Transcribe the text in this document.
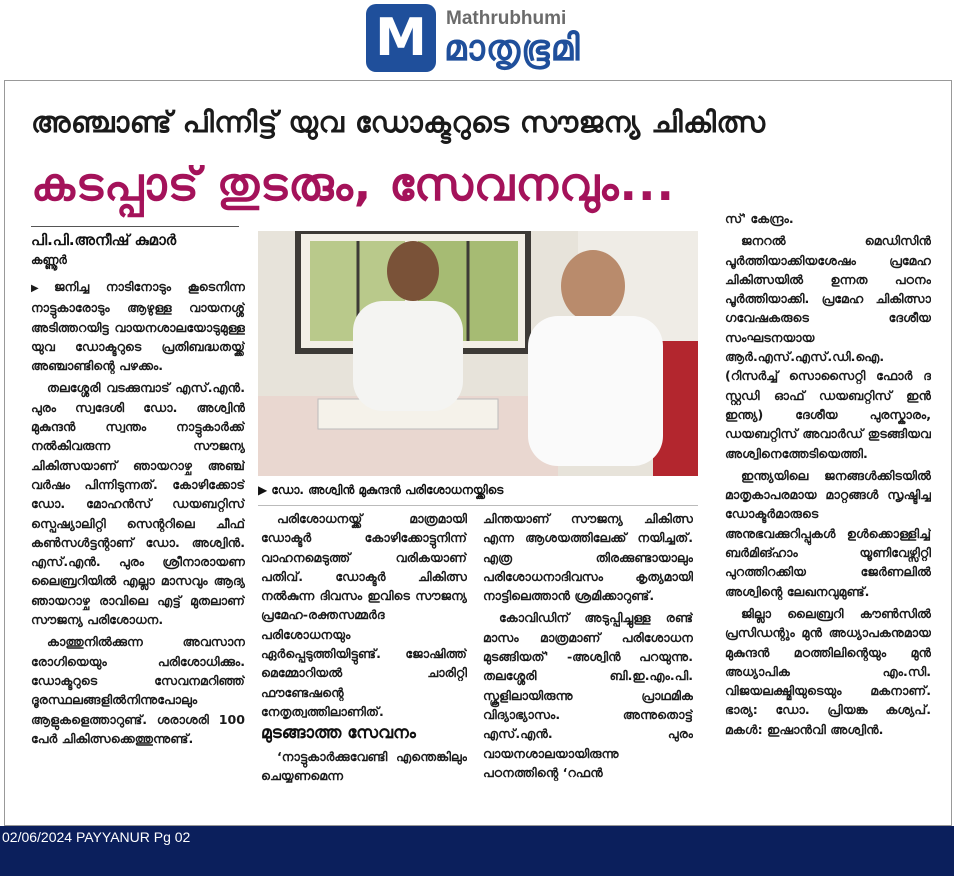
M	Mathrubhumi
മാതൃഭൂമി
അഞ്ചാണ്ട് പിന്നിട്ട് യുവ ഡോക്ടറുടെ സൗജന്യ ചികിത്സ
കടപ്പാട് തുടരും, സേവനവും...
പി.പി.അനീഷ് കുമാർ
കണ്ണൂർ

▶ ജനിച്ച നാടിനോടും കൂടെനിന്ന നാട്ടുകാരോടും ആഴുള്ള വായനശ്ശ് അടിത്തറയിട്ട വായനശാലയോടുമുള്ള യുവ ഡോക്ടറുടെ പ്രതിബദ്ധതയ്ക്ക് അഞ്ചാണ്ടിന്റെ പഴക്കം.

തലശ്ശേരി വടക്കുമ്പാട് എസ്.എൻ. പുരം സ്വദേശി ഡോ. അശ്വിൻ മുകുന്ദൻ സ്വന്തം നാട്ടുകാർക്ക് നൽകിവരുന്ന സൗജന്യ ചികിത്സയാണ് ഞായറാഴ്ച അഞ്ച് വർഷം പിന്നിടുന്നത്. കോഴിക്കോട് ഡോ. മോഹൻസ് ഡയബറ്റിസ് സ്പെഷ്യാലിറ്റി സെന്ററിലെ ചീഫ് കൺസൾട്ടന്റാണ് ഡോ. അശ്വിൻ. എസ്.എൻ. പുരം ശ്രീനാരായണ ലൈബ്രറിയിൽ എല്ലാ മാസവും ആദ്യ ഞായറാഴ്ച രാവിലെ എട്ട് മുതലാണ് സൗജന്യ പരിശോധന.

കാത്തുനിൽക്കുന്ന അവസാന രോഗിയെയും പരിശോധിക്കും. ഡോക്ടറുടെ സേവനമറിഞ്ഞ് ദൂരസ്ഥലങ്ങളിൽനിന്നുപോലും ആളുകളെത്താറുണ്ട്. ശരാശരി 100 പേർ ചികിത്സക്കെത്തുന്നുണ്ട്.

▶ ഡോ. അശ്വിൻ മുകുന്ദൻ പരിശോധനയ്ക്കിടെ

പരിശോധനയ്ക്ക് മാത്രമായി ഡോക്ടർ കോഴിക്കോട്ടുനിന്ന് വാഹനമെടുത്ത് വരികയാണ് പതിവ്. ഡോക്ടർ ചികിത്സ നൽകുന്ന ദിവസം ഇവിടെ സൗജന്യ പ്രമേഹ-രക്തസമ്മർദ പരിശോധനയും ഏർപ്പെടുത്തിയിട്ടുണ്ട്. ജോഷിത്ത് മെമ്മോറിയൽ ചാരിറ്റി ഫൗണ്ടേഷന്റെ നേതൃത്വത്തിലാണിത്.

മുടങ്ങാത്ത സേവനം

‘നാട്ടുകാർക്കുവേണ്ടി എന്തെങ്കിലും ചെയ്യണമെന്ന

ചിന്തയാണ് സൗജന്യ ചികിത്സ എന്ന ആശയത്തിലേക്ക് നയിച്ചത്. എത്ര തിരക്കുണ്ടായാലും പരിശോധനാദിവസം കൃത്യമായി നാട്ടിലെത്താൻ ശ്രമിക്കാറുണ്ട്.

കോവിഡിന് അടുപ്പിച്ചുള്ള രണ്ട് മാസം മാത്രമാണ് പരിശോധന മുടങ്ങിയത്' -അശ്വിൻ പറയുന്നു. തലശ്ശേരി ബി.ഇ.എം.പി. സ്കൂളിലായിരുന്നു പ്രാഥമിക വിദ്യാഭ്യാസം. അന്നുതൊട്ട് എസ്.എൻ. പുരം വായനശാലയായിരുന്നു പഠനത്തിന്റെ ‘റഫൻ

സ്' കേന്ദ്രം.

ജനറൽ മെഡിസിൻ പൂർത്തിയാക്കിയശേഷം പ്രമേഹ ചികിത്സയിൽ ഉന്നത പഠനം പൂർത്തിയാക്കി. പ്രമേഹ ചികിത്സാ ഗവേഷകരുടെ ദേശീയ സംഘടനയായ ആർ.എസ്.എസ്.ഡി.ഐ. (റിസർച്ച് സൊസൈറ്റി ഫോർ ദ സ്റ്റഡി ഓഫ് ഡയബറ്റിസ് ഇൻ ഇന്ത്യ) ദേശീയ പുരസ്കാരം, ഡയബറ്റിസ് അവാർഡ് തുടങ്ങിയവ അശ്വിനെത്തേടിയെത്തി.

ഇന്ത്യയിലെ ജനങ്ങൾക്കിടയിൽ മാതൃകാപരമായ മാറ്റങ്ങൾ സൃഷ്ടിച്ച ഡോക്ടർമാരുടെ അനുഭവക്കുറിപ്പുകൾ ഉൾക്കൊള്ളിച്ച് ബർമിങ്ഹാം യൂണിവേഴ്സിറ്റി പുറത്തിറക്കിയ ജേർണലിൽ അശ്വിന്റെ ലേഖനവുമുണ്ട്.

ജില്ലാ ലൈബ്രറി കൗൺസിൽ പ്രസിഡന്റും മുൻ അധ്യാപകനുമായ മുകുന്ദൻ മഠത്തിലിന്റെയും മുൻ അധ്യാപിക എം.സി. വിജയലക്ഷ്മിയുടെയും മകനാണ്. ഭാര്യ: ഡോ. പ്രിയങ്ക കശ്യപ്. മകൾ: ഇഷാൻവി അശ്വിൻ.

02/06/2024 PAYYANUR Pg 02
